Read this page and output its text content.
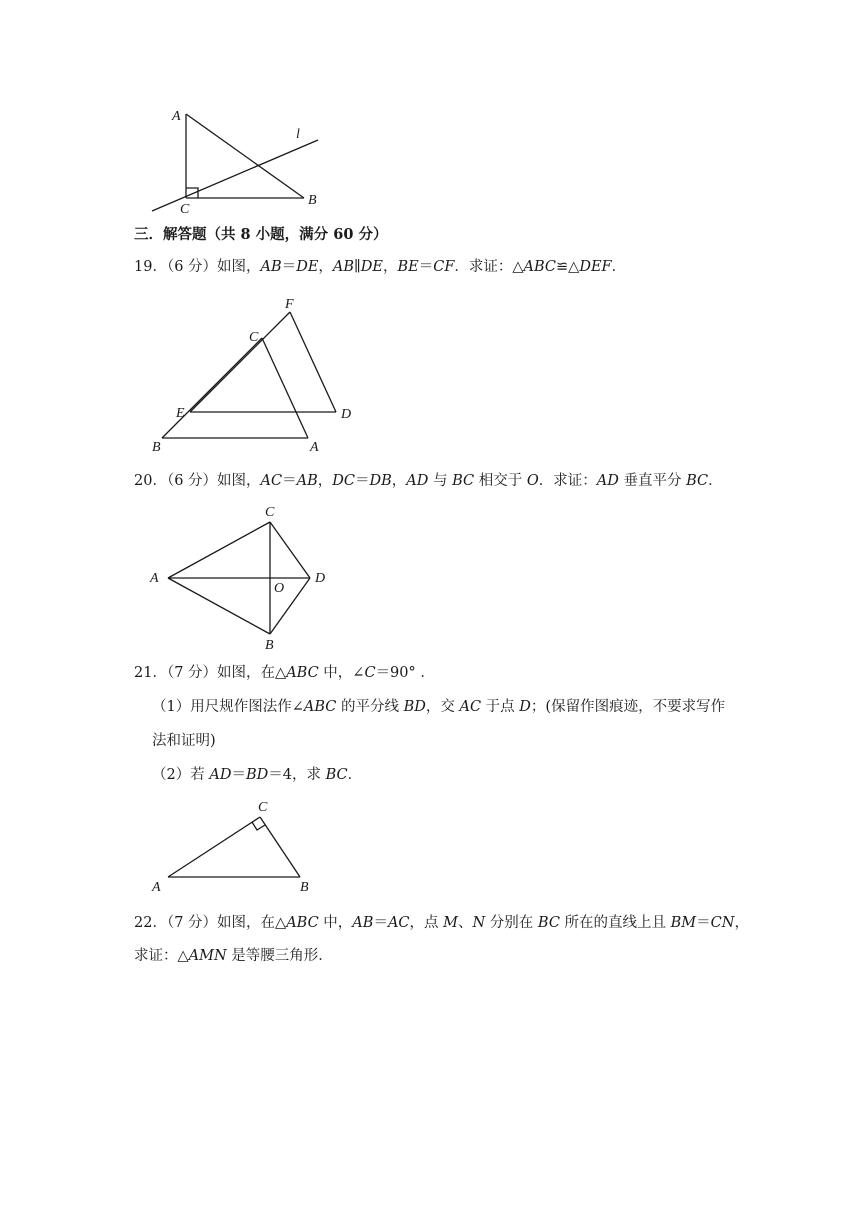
A
C
B
l
三．解答题（共 8 小题，满分 60 分）
19．（6 分）如图，AB＝DE，AB∥DE，BE＝CF．求证：△ABC≌△DEF．
F
C
E	D
B	A
20．（6 分）如图，AC＝AB，DC＝DB，AD 与 BC 相交于 O．求证：AD 垂直平分 BC．
C
A
O
D
B
21．（7 分）如图，在△ABC 中，∠C＝90° ．
（1）用尺规作图法作∠ABC 的平分线 BD，交 AC 于点 D；(保留作图痕迹，不要求写作
法和证明)
（2）若 AD＝BD＝4，求 BC．
C
A	B
22．（7 分）如图，在△ABC 中，AB＝AC，点 M、N 分别在 BC 所在的直线上且 BM＝CN，
求证：△AMN 是等腰三角形．
